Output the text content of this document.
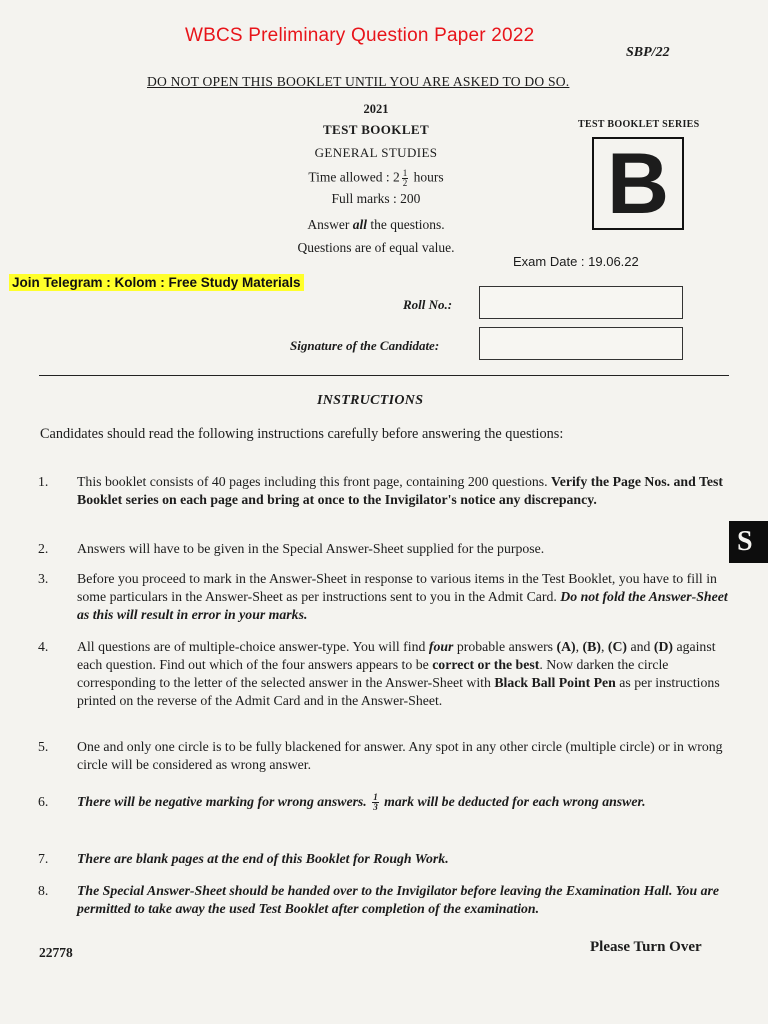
WBCS Preliminary Question Paper 2022
SBP/22
DO NOT OPEN THIS BOOKLET UNTIL YOU ARE ASKED TO DO SO.
2021
TEST BOOKLET
GENERAL STUDIES
Time allowed : $2 \frac{1}{2}$ hours
Full marks : 200
Answer all the questions.
Questions are of equal value.
TEST BOOKLET SERIES
B
Exam Date : 19.06.22
Join Telegram : Kolom : Free Study Materials
Roll No.:
Signature of the Candidate:
INSTRUCTIONS
Candidates should read the following instructions carefully before answering the questions:
1.	This booklet consists of 40 pages including this front page, containing 200 questions. Verify the Page Nos. and Test Booklet series on each page and bring at once to the Invigilator's notice any discrepancy.
2.	Answers will have to be given in the Special Answer-Sheet supplied for the purpose.
3.	Before you proceed to mark in the Answer-Sheet in response to various items in the Test Booklet, you have to fill in some particulars in the Answer-Sheet as per instructions sent to you in the Admit Card. Do not fold the Answer-Sheet as this will result in error in your marks.
4.	All questions are of multiple-choice answer-type. You will find four probable answers (A), (B), (C) and (D) against each question. Find out which of the four answers appears to be correct or the best. Now darken the circle corresponding to the letter of the selected answer in the Answer-Sheet with Black Ball Point Pen as per instructions printed on the reverse of the Admit Card and in the Answer-Sheet.
5.	One and only one circle is to be fully blackened for answer. Any spot in any other circle (multiple circle) or in wrong circle will be considered as wrong answer.
6.	There will be negative marking for wrong answers. $\frac{1}{3}$ mark will be deducted for each wrong answer.
7.	There are blank pages at the end of this Booklet for Rough Work.
8.	The Special Answer-Sheet should be handed over to the Invigilator before leaving the Examination Hall. You are permitted to take away the used Test Booklet after completion of the examination.
22778	Please Turn Over
S
